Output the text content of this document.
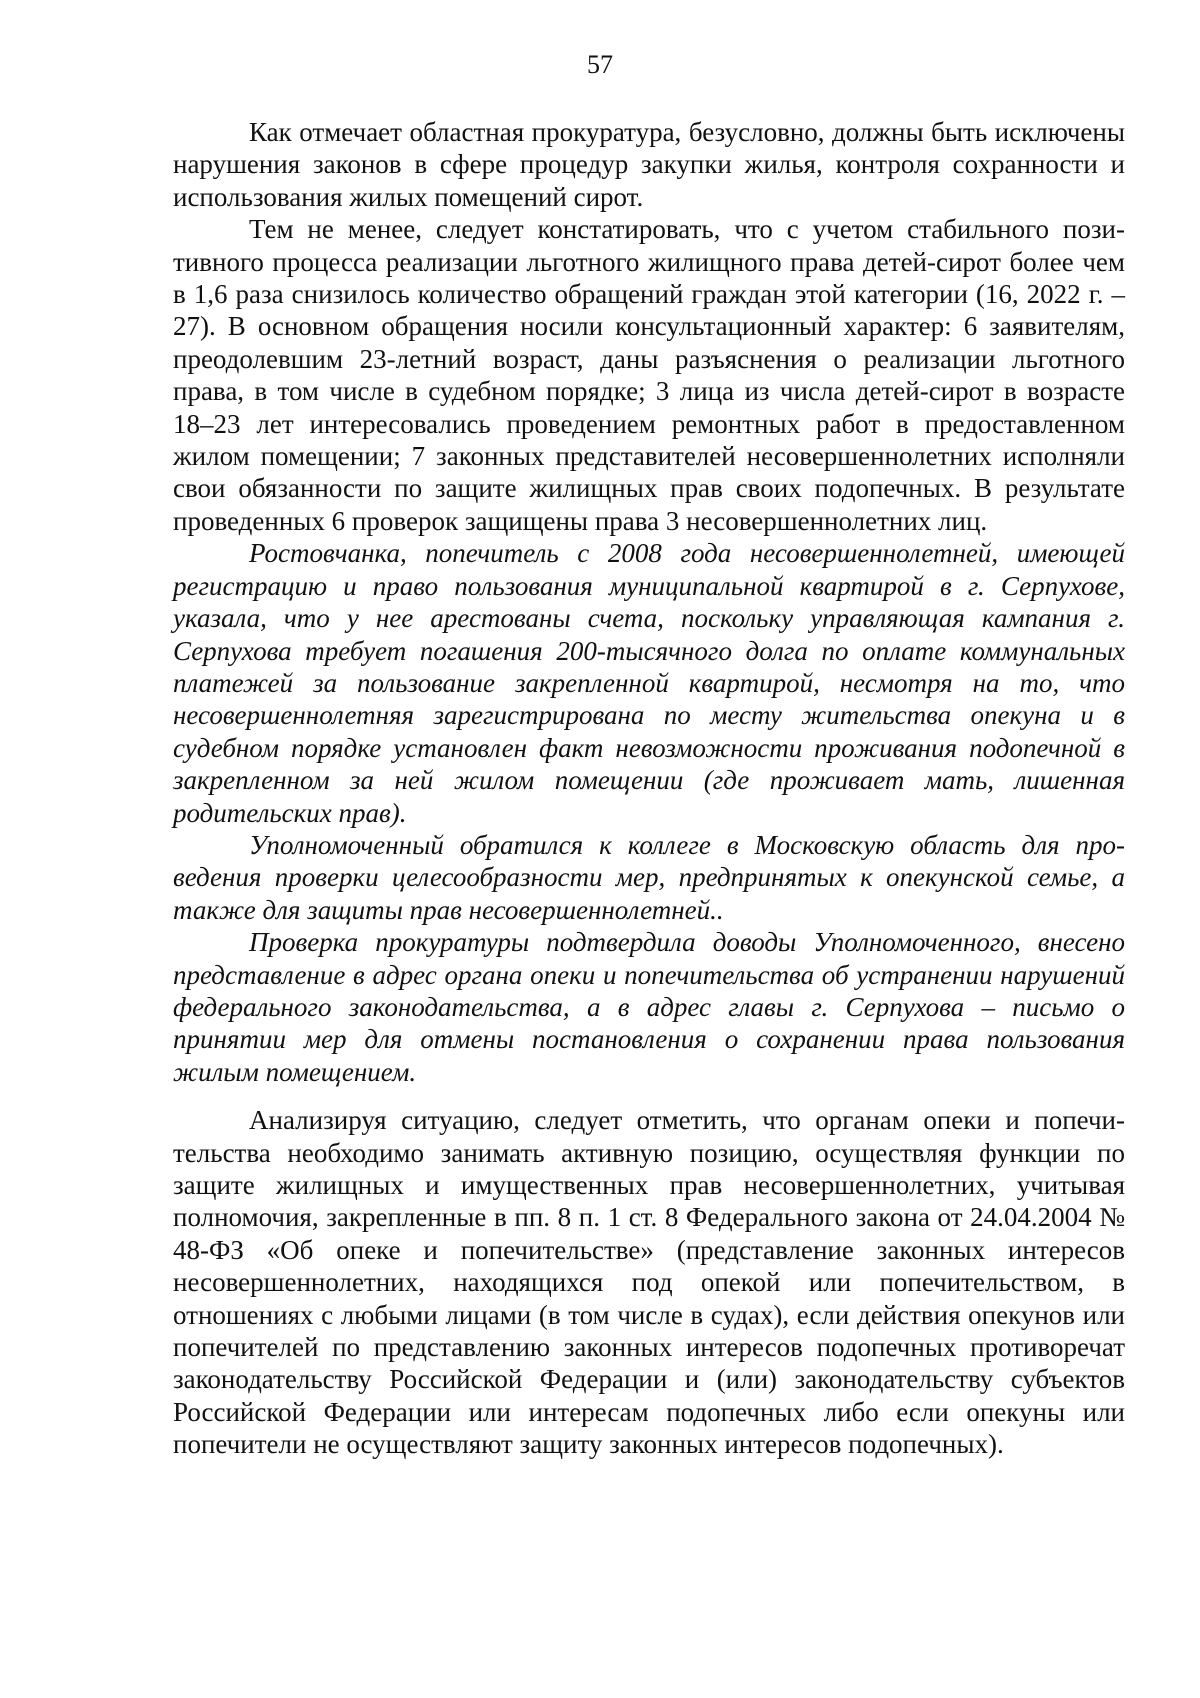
57

Как отмечает областная прокуратура, безусловно, должны быть исключены нарушения законов в сфере процедур закупки жилья, контроля сохранности и использования жилых помещений сирот.

Тем не менее, следует констатировать, что с учетом стабильного позитивного процесса реализации льготного жилищного права детей-сирот более чем в 1,6 раза снизилось количество обращений граждан этой категории (16, 2022 г. – 27). В основном обращения носили консультационный характер: 6 заявителям, преодолевшим 23-летний возраст, даны разъяснения о реализации льготного права, в том числе в судебном порядке; 3 лица из числа детей-сирот в возрасте 18–23 лет интересовались проведением ремонтных работ в предоставленном жилом помещении; 7 законных представителей несовершеннолетних исполняли свои обязанности по защите жилищных прав своих подопечных. В результате проведенных 6 проверок защищены права 3 несовершеннолетних лиц.

Ростовчанка, попечитель с 2008 года несовершеннолетней, имеющей регистрацию и право пользования муниципальной квартирой в г. Серпухове, указала, что у нее арестованы счета, поскольку управляющая кампания г. Серпухова требует погашения 200-тысячного долга по оплате коммунальных платежей за пользование закрепленной квартирой, несмотря на то, что несовершеннолетняя зарегистрирована по месту жительства опекуна и в судебном порядке установлен факт невозможности проживания подопечной в закрепленном за ней жилом помещении (где проживает мать, лишенная родительских прав).

Уполномоченный обратился к коллеге в Московскую область для проведения проверки целесообразности мер, предпринятых к опекунской семье, а также для защиты прав несовершеннолетней..

Проверка прокуратуры подтвердила доводы Уполномоченного, внесено представление в адрес органа опеки и попечительства об устранении нарушений федерального законодательства, а в адрес главы г. Серпухова – письмо о принятии мер для отмены постановления о сохранении права пользования жилым помещением.

Анализируя ситуацию, следует отметить, что органам опеки и попечительства необходимо занимать активную позицию, осуществляя функции по защите жилищных и имущественных прав несовершеннолетних, учитывая полномочия, закрепленные в пп. 8 п. 1 ст. 8 Федерального закона от 24.04.2004 № 48-ФЗ «Об опеке и попечительстве» (представление законных интересов несовершеннолетних, находящихся под опекой или попечительством, в отношениях с любыми лицами (в том числе в судах), если действия опекунов или попечителей по представлению законных интересов подопечных противоречат законодательству Российской Федерации и (или) законодательству субъектов Российской Федерации или интересам подопечных либо если опекуны или попечители не осуществляют защиту законных интересов подопечных).
